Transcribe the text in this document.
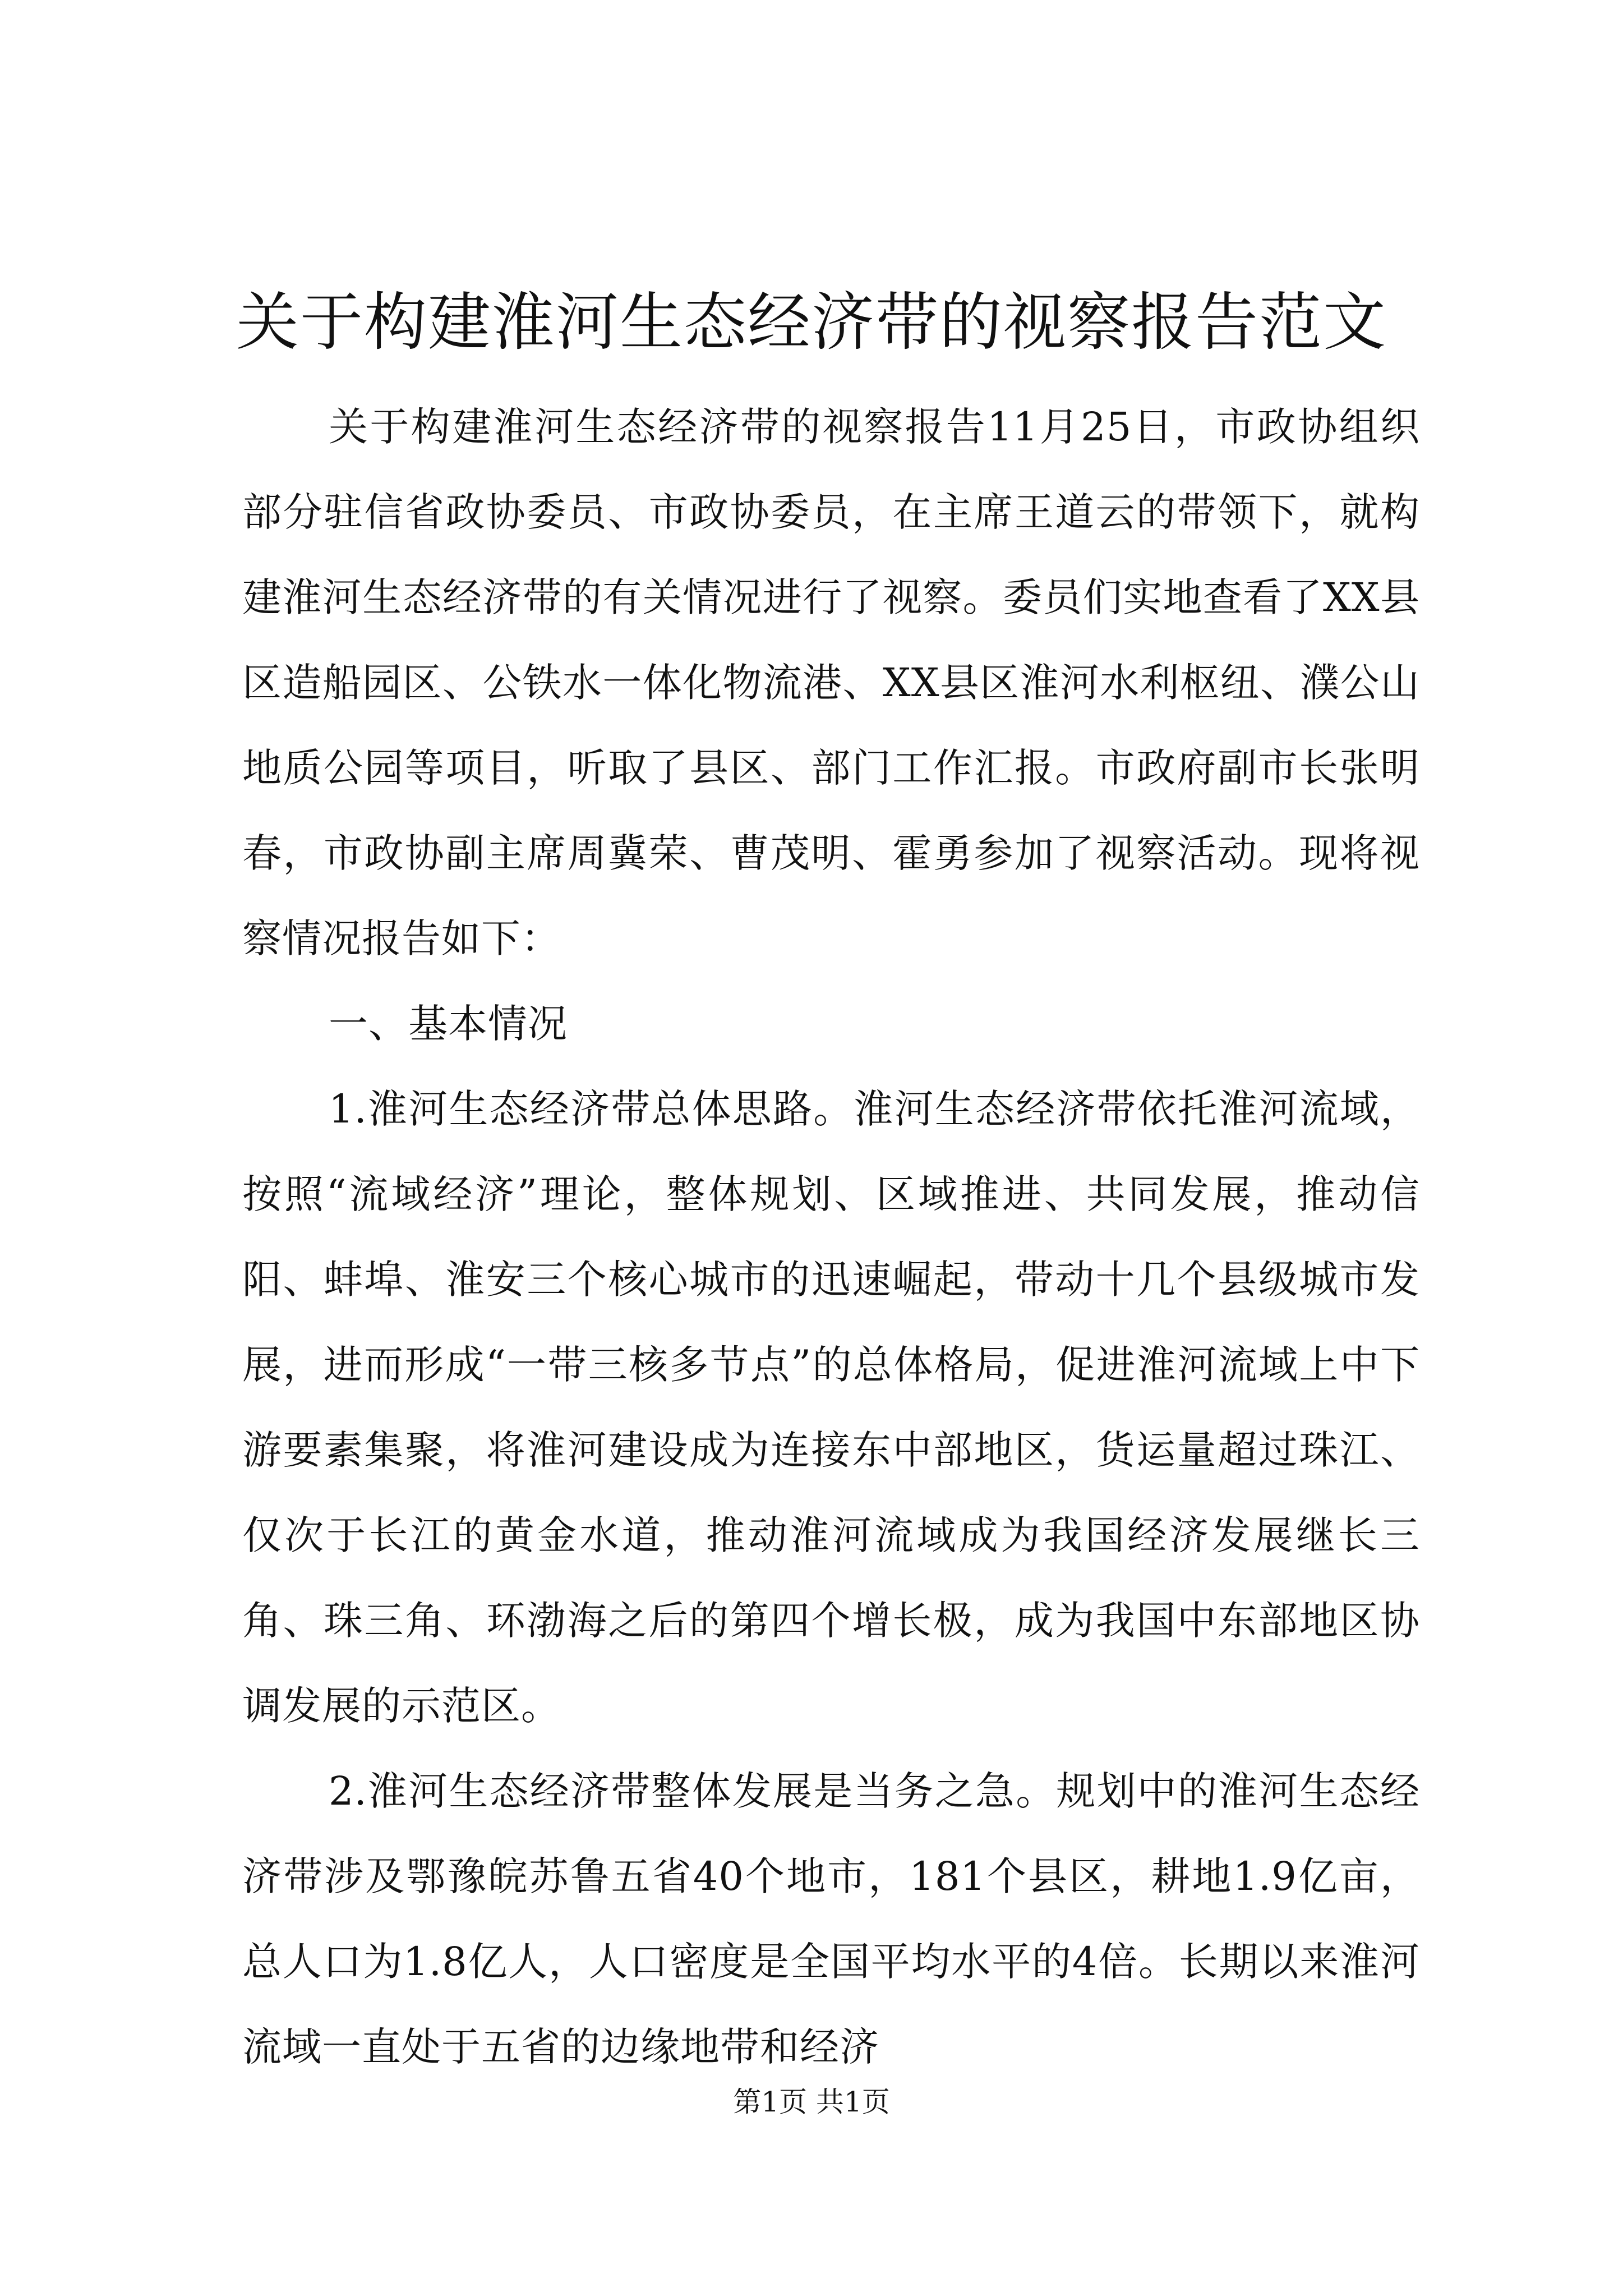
关于构建淮河生态经济带的视察报告范文

关于构建淮河生态经济带的视察报告11月25日，市政协组织部分驻信省政协委员、市政协委员，在主席王道云的带领下，就构建淮河生态经济带的有关情况进行了视察。委员们实地查看了XX县区造船园区、公铁水一体化物流港、XX县区淮河水利枢纽、濮公山地质公园等项目，听取了县区、部门工作汇报。市政府副市长张明春，市政协副主席周冀荣、曹茂明、霍勇参加了视察活动。现将视察情况报告如下：

一、基本情况

1.淮河生态经济带总体思路。淮河生态经济带依托淮河流域，按照“流域经济”理论，整体规划、区域推进、共同发展，推动信阳、蚌埠、淮安三个核心城市的迅速崛起，带动十几个县级城市发展，进而形成“一带三核多节点”的总体格局，促进淮河流域上中下游要素集聚，将淮河建设成为连接东中部地区，货运量超过珠江、仅次于长江的黄金水道，推动淮河流域成为我国经济发展继长三角、珠三角、环渤海之后的第四个增长极，成为我国中东部地区协调发展的示范区。

2.淮河生态经济带整体发展是当务之急。规划中的淮河生态经济带涉及鄂豫皖苏鲁五省40个地市，181个县区，耕地1.9亿亩，总人口为1.8亿人，人口密度是全国平均水平的4倍。长期以来淮河流域一直处于五省的边缘地带和经济

第1页 共1页
